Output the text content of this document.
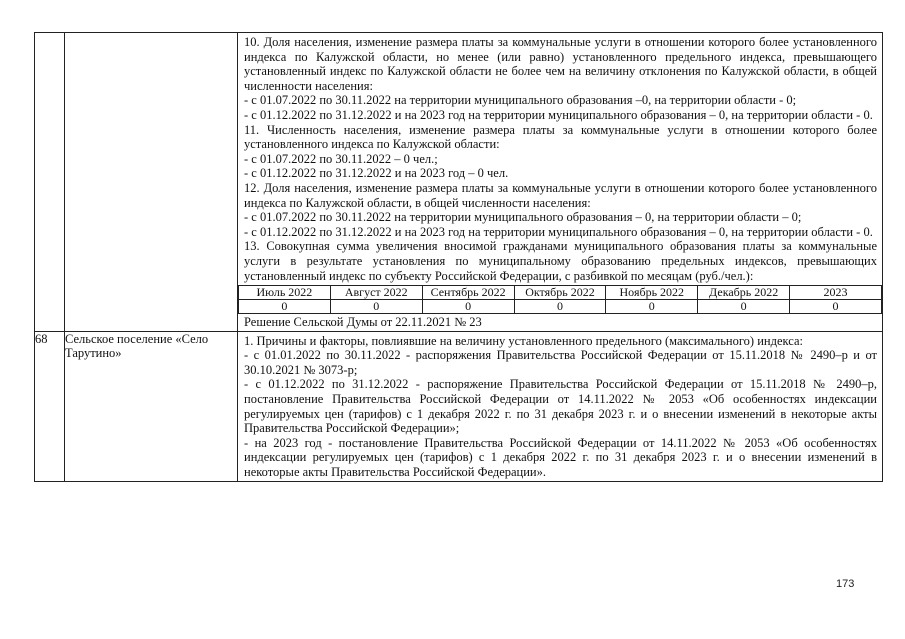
10. Доля населения, изменение размера платы за коммунальные услуги в отношении которого более установленного индекса по Калужской области, но менее (или равно) установленного предельного индекса, превышающего установленный индекс по Калужской области не более чем на величину отклонения по Калужской области, в общей численности населения:

- с 01.07.2022 по 30.11.2022 на территории муниципального образования –0, на территории области - 0;

- с 01.12.2022 по 31.12.2022 и на 2023 год на территории муниципального образования – 0, на территории области - 0.

11. Численность населения, изменение размера платы за коммунальные услуги в отношении которого более установленного индекса по Калужской области:

- с 01.07.2022 по 30.11.2022 – 0 чел.;

- с 01.12.2022 по 31.12.2022 и на 2023 год – 0 чел.

12. Доля населения, изменение размера платы за коммунальные услуги в отношении которого более установленного индекса по Калужской области, в общей численности населения:

- с 01.07.2022 по 30.11.2022 на территории муниципального образования – 0, на территории области – 0;

- с 01.12.2022 по 31.12.2022 и на 2023 год на территории муниципального образования – 0, на территории области - 0.

13. Совокупная сумма увеличения вносимой гражданами муниципального образования платы за коммунальные услуги в результате установления по муниципальному образованию предельных индексов, превышающих установленный индекс по субъекту Российской Федерации, с разбивкой по месяцам (руб./чел.):

Июль 2022	Август 2022	Сентябрь 2022	Октябрь 2022	Ноябрь 2022	Декабрь 2022	2023
0	0	0	0	0	0	0

Решение Сельской Думы от 22.11.2021 № 23

68	Сельское поселение «Село Тарутино»	

1. Причины и факторы, повлиявшие на величину установленного предельного (максимального) индекса:

- с 01.01.2022 по 30.11.2022 - распоряжения Правительства Российской Федерации от 15.11.2018 № 2490–р и от 30.10.2021 № 3073-р;

- с 01.12.2022 по 31.12.2022 - распоряжение Правительства Российской Федерации от 15.11.2018 № 2490–р, постановление Правительства Российской Федерации от 14.11.2022 № 2053 «Об особенностях индексации регулируемых цен (тарифов) с 1 декабря 2022 г. по 31 декабря 2023 г. и о внесении изменений в некоторые акты Правительства Российской Федерации»;

- на 2023 год - постановление Правительства Российской Федерации от 14.11.2022 № 2053 «Об особенностях индексации регулируемых цен (тарифов) с 1 декабря 2022 г. по 31 декабря 2023 г. и о внесении изменений в некоторые акты Правительства Российской Федерации».

173
